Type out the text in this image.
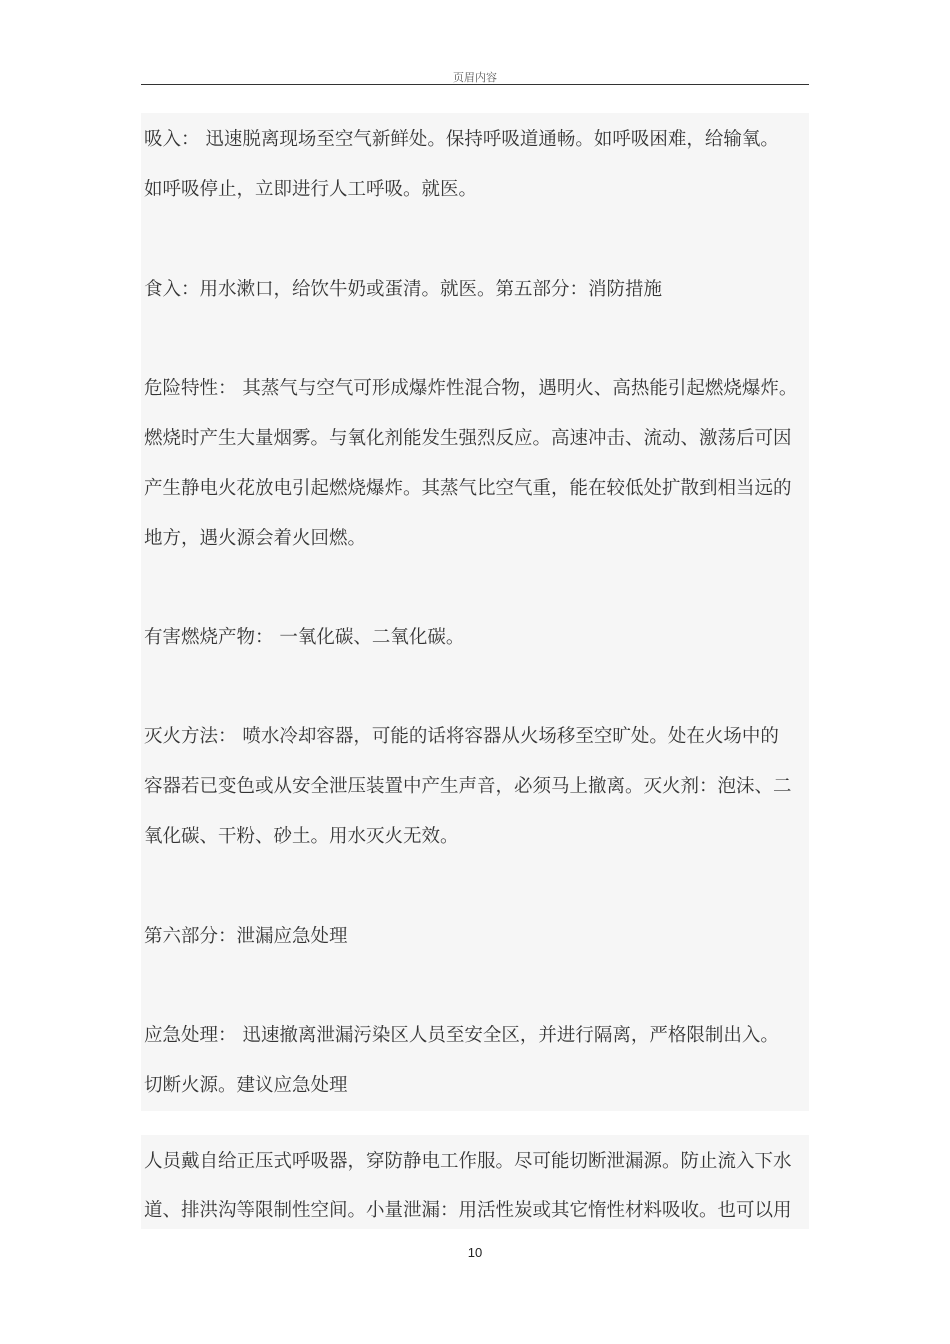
页眉内容
吸入： 迅速脱离现场至空气新鲜处。保持呼吸道通畅。如呼吸困难，给输氧。
如呼吸停止，立即进行人工呼吸。就医。
食入：用水漱口，给饮牛奶或蛋清。就医。第五部分：消防措施
危险特性： 其蒸气与空气可形成爆炸性混合物，遇明火、高热能引起燃烧爆炸。
燃烧时产生大量烟雾。与氧化剂能发生强烈反应。高速冲击、流动、激荡后可因
产生静电火花放电引起燃烧爆炸。其蒸气比空气重，能在较低处扩散到相当远的
地方，遇火源会着火回燃。
有害燃烧产物： 一氧化碳、二氧化碳。
灭火方法： 喷水冷却容器，可能的话将容器从火场移至空旷处。处在火场中的
容器若已变色或从安全泄压装置中产生声音，必须马上撤离。灭火剂：泡沫、二
氧化碳、干粉、砂土。用水灭火无效。
第六部分：泄漏应急处理
应急处理： 迅速撤离泄漏污染区人员至安全区，并进行隔离，严格限制出入。
切断火源。建议应急处理
人员戴自给正压式呼吸器，穿防静电工作服。尽可能切断泄漏源。防止流入下水
道、排洪沟等限制性空间。小量泄漏：用活性炭或其它惰性材料吸收。也可以用
10
